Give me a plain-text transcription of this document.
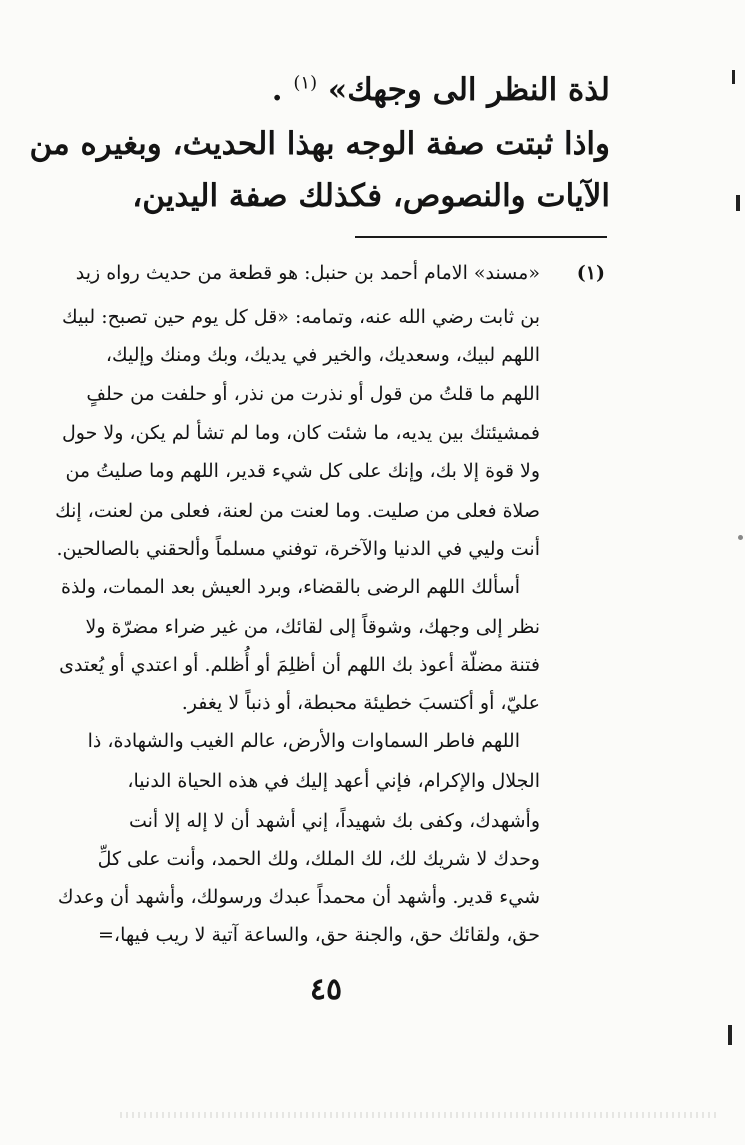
لذة النظر الى وجهك» $^{(١)}$ .
واذا ثبتت صفة الوجه بهذا الحديث، وبغيره من
الآيات والنصوص، فكذلك صفة اليدين،
(١)
«مسند» الامام أحمد بن حنبل: هو قطعة من حديث رواه زيد
بن ثابت رضي الله عنه، وتمامه: «قل كل يوم حين تصبح: لبيك
اللهم لبيك، وسعديك، والخير في يديك، وبك ومنك وإليك،
اللهم ما قلتُ من قول أو نذرت من نذر، أو حلفت من حلفٍ
فمشيئتك بين يديه، ما شئت كان، وما لم تشأ لم يكن، ولا حول
ولا قوة إلا بك، وإنك على كل شيء قدير، اللهم وما صليتُ من
صلاة فعلى من صليت. وما لعنت من لعنة، فعلى من لعنت، إنك
أنت وليي في الدنيا والآخرة، توفني مسلماً وألحقني بالصالحين.
أسألك اللهم الرضى بالقضاء، وبرد العيش بعد الممات، ولذة
نظر إلى وجهك، وشوقاً إلى لقائك، من غير ضراء مضرّة ولا
فتنة مضلّة أعوذ بك اللهم أن أظلِمَ أو أُظلم. أو اعتدي أو يُعتدى
عليّ، أو أكتسبَ خطيئة محبطة، أو ذنباً لا يغفر.
اللهم فاطر السماوات والأرض، عالم الغيب والشهادة، ذا
الجلال والإكرام، فإني أعهد إليك في هذه الحياة الدنيا،
وأشهدك، وكفى بك شهيداً، إني أشهد أن لا إله إلا أنت
وحدك لا شريك لك، لك الملك، ولك الحمد، وأنت على كلِّ
شيء قدير. وأشهد أن محمداً عبدك ورسولك، وأشهد أن وعدك
حق، ولقائك حق، والجنة حق، والساعة آتية لا ريب فيها،=
٤٥
